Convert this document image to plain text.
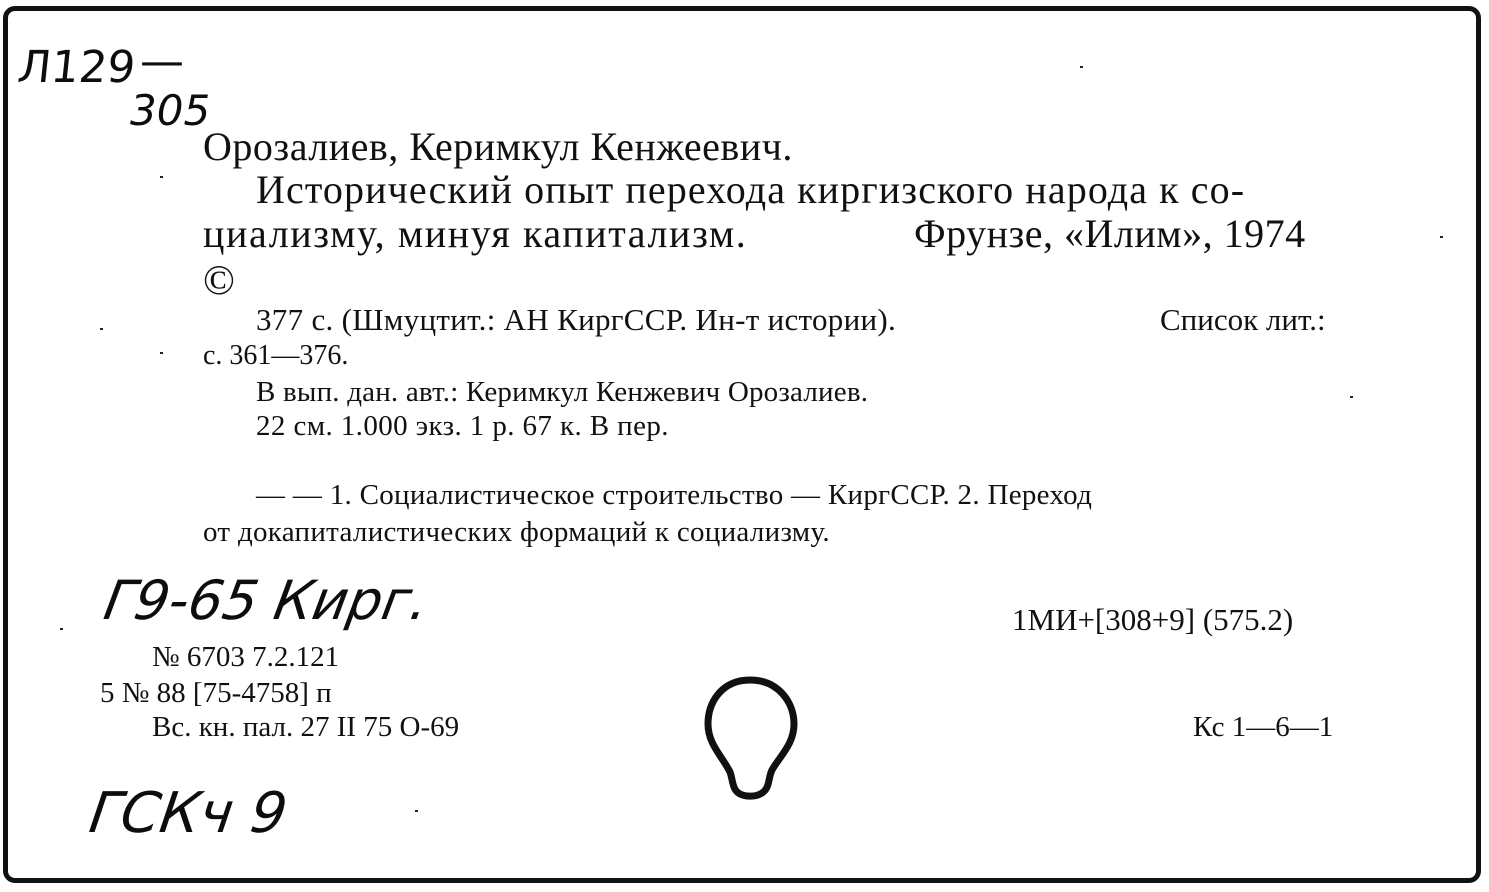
Л129 —
305
Орозалиев, Керимкул Кенжеевич.
Исторический опыт перехода киргизского народа к со-
циализму, минуя капитализм.	Фрунзе, «Илим», 1974
©
377 с. (Шмуцтит.: АН КиргССР. Ин-т истории).	Список лит.:
с. 361—376.
В вып. дан. авт.: Керимкул Кенжевич Орозалиев.
22 см. 1.000 экз. 1 р. 67 к. В пер.
— — 1. Социалистическое строительство — КиргССР. 2. Переход
от докапиталистических формаций к социализму.
Г9-65 Кирг.	1МИ+[308+9] (575.2)
№ 6703 7.2.121
5 № 88 [75-4758] п
Вс. кн. пал. 27 II 75 О-69	Кс 1—6—1
ГСКч 9
